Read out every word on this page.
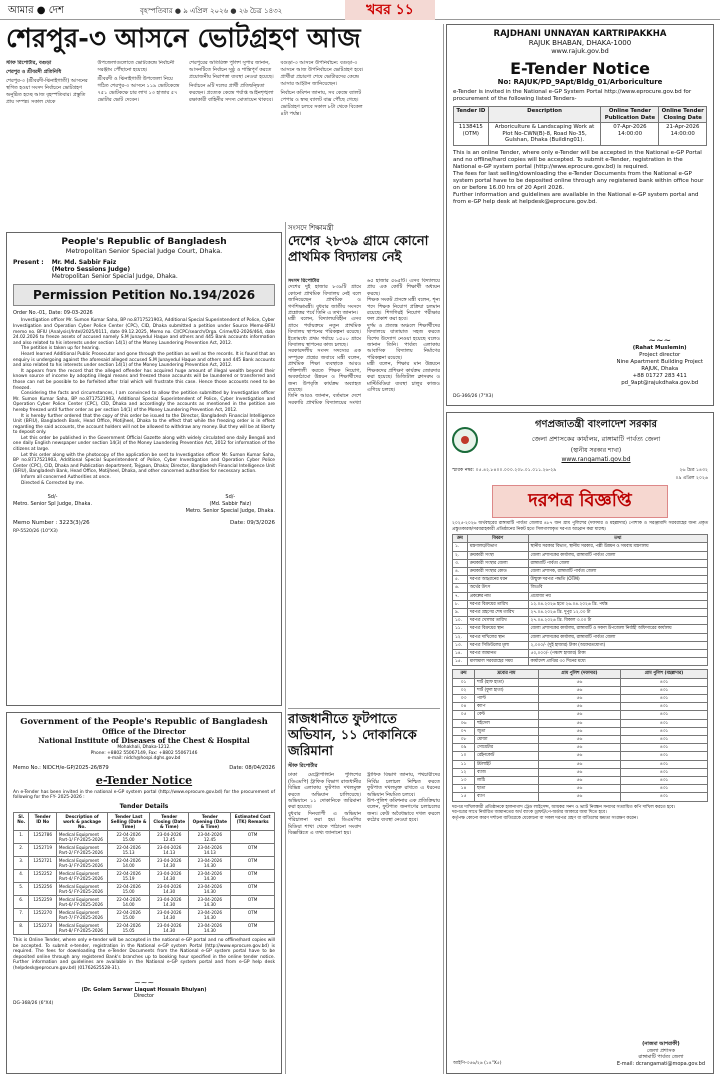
আমার ● দেশ	বৃহস্পতিবার ● ৯ এপ্রিল ২০২৬ ● ২৬ চৈত্র ১৪৩২	খবর ১১
শেরপুর-৩ আসনে ভোটগ্রহণ আজ

স্টাফ রিপোর্টার, বগুড়া

শেরপুর ও শ্রীবরদী প্রতিনিধি

শেরপুর-৩ (শ্রীবরদী-ঝিনাইগাতী) আসনের স্থগিত হওয়া সংসদ নির্বাচনে ভোটগ্রহণ অনুষ্ঠিত হচ্ছে আজ বৃহস্পতিবার। প্রস্তুতি প্রায় সম্পন্ন। সকাল থেকে উপজেলাগুলোতে ভোটকেন্দ্রে নির্বাচনী সরঞ্জাম পৌঁছানো হয়েছে।

শ্রীবরদী ও ঝিনাইগাতী উপজেলা নিয়ে গঠিত শেরপুর-৩ আসনে ১১৯ ভোটকেন্দ্রে ৭৫১ ভোটকক্ষে চার লাখ ১৩ হাজার ৫৭ ভোটার ভোট দেবেন।

শেরপুরের অতিরিক্ত পুলিশ সুপার জানান, আসনটিতে নির্বাচন সুষ্ঠু ও শান্তিপূর্ণ করতে প্রয়োজনীয় নিরাপত্তা ব্যবস্থা নেওয়া হয়েছে।

নির্বাচনে ৬টি দলের প্রার্থী প্রতিদ্বন্দ্বিতা করছেন। প্রত্যেক কেন্দ্রে পর্যাপ্ত আইনশৃঙ্খলা রক্ষাকারী বাহিনীর সদস্য মোতায়েন থাকবে।

বগুড়া-৩ আসনে উপনির্বাচন: বগুড়া-৩ আসনে আজ উপনির্বাচনে ভোটগ্রহণ হবে। প্রার্থীরা প্রচারণা শেষে ভোটারদের কেন্দ্রে আসার আহ্বান জানিয়েছেন।

নির্বাচন কমিশন জানায়, সব কেন্দ্রে ব্যালট পেপার ও স্বচ্ছ ব্যালট বাক্স পৌঁছে গেছে। ভোটগ্রহণ চলবে সকাল ৮টা থেকে বিকেল ৪টা পর্যন্ত।

People's Republic of Bangladesh
Metropolitan Senior Special Judge Court, Dhaka.
Present : Mr. Md. Sabbir Faiz
(Metro Sessions Judge)
Metropolitan Senior Special Judge, Dhaka.
Permission Petition No.194/2026
Order No.-01, Date: 09-03-2026

Investigation officer Mr. Sumon Kumar Saha, BP no.8717521903, Additional Special Superintendent of Police, Cyber Investigation and Operation Cyber Police Center (CPC), CID, Dhaka submitted a petition under Source Memo-BFIU memo no. BFIU (Analysis)/Intel/2025/0111, date 09.12.2025, Memo no. CI/CPC/search/Orga. Crime/02-2026/464, date 24.02.2026 to freeze assets of accused namely S.M Junayedul Haque and others and 445 Bank accounts information and also related to his interests under section 14(1) of the Money Laundering Prevention Act, 2012.

The petition is taken up for hearing.

Heard learned Additional Public Prosecutor and gone through the petition as well as the records. It is found that an enquiry is undergoing against the aforesaid alleged accused S.M Junayedul Haque and others and 445 Bank accounts and also related to his interests under section 14(1) of the Money Laundering Prevention Act, 2012.

It appears from the record that the alleged offender has acquired huge amount of illegal wealth beyond their known source of income by adopting illegal means and freezed those accounts will be laundered or transferred and those can not be possible to be forfeited after trial which will frustrate this case. Hence those accounts need to be freezed.

Considering the facts and circumstances, I am convinced to allow the petition submitted by Investigation officer Mr. Sumon Kumar Saha, BP no.8717521903, Additional Special Superintendent of Police, Cyber Investigation and Operation Cyber Police Center (CPC), CID, Dhaka and accordingly the accounts as mentioned in the petition are hereby freezed until further order as per section 14(1) of the Money Laundering Prevention Act, 2012.

It is hereby further ordered that the copy of this order be issued to the Director, Bangladesh Financial Intelligence Unit (BFIU), Bangladesh Bank, Head Office, Motijheel, Dhaka to the effect that while the freezing order is in effect regarding the said accounts, the account holders will not be allowed to withdraw any money. But they will be at liberty to deposit only.

Let this order be published in the Government Official Gazette along with widely circulated one daily Bengali and one daily English newspaper under section 14(3) of the Money Laundering Prevention Act, 2012 for information of the citizens at large.

Let this order along with the photocopy of the application be sent to Investigation officer Mr. Sumon Kumar Saha, BP no.8717521903, Additional Special Superintendent of Police, Cyber Investigation and Operation Cyber Police Center (CPC), CID, Dhaka and Publication department, Tejgaon, Dhaka; Director, Bangladesh Financial Intelligence Unit (BFIU), Bangladesh Bank, Head Office, Motijheel, Dhaka, and other concerned authorities for necessary action.

Inform all concerned Authorities at once.

Directed & Corrected by me.

Sd/-
Metro. Senior Spl Judge, Dhaka.
Sd/-
(Md. Sabbir Faiz)
Metro. Senior Special Judge, Dhaka.
Memo Number : 3223(3)/26	Date: 09/3/2026
RP-5520/26 (10"X3)
সংসদে শিক্ষামন্ত্রী
দেশের ২৮৩৯ গ্রামে কোনো প্রাথমিক বিদ্যালয় নেই

সংসদ রিপোর্টার

দেশের দুই হাজার ৮৩৯টি গ্রামে কোনো প্রাথমিক বিদ্যালয় নেই বলে জানিয়েছেন প্রাথমিক ও গণশিক্ষামন্ত্রী। বুধবার জাতীয় সংসদে প্রশ্নোত্তর পর্বে তিনি এ তথ্য জানান।

মন্ত্রী বলেন, বিদ্যালয়বিহীন এসব গ্রামে পর্যায়ক্রমে নতুন প্রাথমিক বিদ্যালয় স্থাপনের পরিকল্পনা রয়েছে। ইতোমধ্যে প্রথম পর্যায়ে ১৫০০ গ্রামে বিদ্যালয় স্থাপনের কাজ চলছে।

সরকারদলীয় সংসদ সদস্যের এক সম্পূরক প্রশ্নের জবাবে মন্ত্রী বলেন, প্রাথমিক শিক্ষা ব্যবস্থাকে আরও শক্তিশালী করতে শিক্ষক নিয়োগ, অবকাঠামো উন্নয়ন ও শিক্ষার্থীদের জন্য উপবৃত্তি কার্যক্রম অব্যাহত রয়েছে।

তিনি আরও জানান, বর্তমানে দেশে সরকারি প্রাথমিক বিদ্যালয়ের সংখ্যা ৬৫ হাজার ৫৬৫টি। এসব বিদ্যালয়ে প্রায় এক কোটি শিক্ষার্থী অধ্যয়ন করছে।

শিক্ষক সংকট প্রসঙ্গে মন্ত্রী বলেন, শূন্য পদে শিক্ষক নিয়োগ প্রক্রিয়া চলমান রয়েছে। শিগগিরই নিয়োগ পরীক্ষার ফল প্রকাশ করা হবে।

দুর্গম ও প্রত্যন্ত অঞ্চলে শিক্ষার্থীদের বিদ্যালয়ে যাতায়াত সহজ করতে বিশেষ উদ্যোগ নেওয়া হয়েছে বলেও জানান তিনি। পার্বত্য এলাকায় আবাসিক বিদ্যালয় নির্মাণের পরিকল্পনা রয়েছে।

মন্ত্রী বলেন, শিক্ষার মান উন্নয়নে শিক্ষকদের প্রশিক্ষণ কার্যক্রম জোরদার করা হয়েছে। ডিজিটাল ক্লাসরুম ও মাল্টিমিডিয়া ব্যবস্থা চালুর কাজও এগিয়ে চলছে।

Government of the People's Republic of Bangladesh
Office of the Director
National Institute of Diseases of the Chest & Hospital
Mohakhali, Dhaka-1212.
Phone: +8802 55067149, Fax: +8802 55067146
e-mail: nidch@hospi.dghs.gov.bd
Memo No.: NIDCH/e-GP/2025-26/879	Date: 08/04/2026
e-Tender Notice
An e-Tender has been invited in the national e-GP system portal (http://www.eprocure.gov.bd) for the procurement of following for the FY- 2025-2026 :
Tender Details
Sl. No.	Tender ID No	Description of work & package No.	Tender Last Selling (Date & Time)	Tender Closing (Date & Time)	Tender Opening (Date & Time)	Estimated Cost (TK) Remarks
1.	1252786	Medical Equipment Part-1/ FY-2025-2026	22-04-2026 15.00	23-04-2026 12.45	23-04-2026 12.45	OTM
2.	1252719	Medical Equipment Part-2/ FY-2025-2026	22-04-2026 15.13	23-04-2026 14.13	23-04-2026 14.13	OTM
3.	1252721	Medical Equipment Part-3/ FY-2025-2026	22-04-2026 14.00	23-04-2026 14.30	23-04-2026 14.30	OTM
4.	1252252	Medical Equipment Part-4/ FY-2025-2026	22-04-2026 15.19	23-04-2026 14.30	23-04-2026 14.30	OTM
5.	1252256	Medical Equipment Part-5/ FY-2025-2026	22-04-2026 15.00	23-04-2026 14.30	23-04-2026 14.30	OTM
6.	1252259	Medical Equipment Part-6/ FY-2025-2026	22-04-2026 14.00	23-04-2026 14.30	23-04-2026 14.30	OTM
7.	1252270	Medical Equipment Part-7/ FY-2025-2026	22-04-2026 15.00	23-04-2026 14.30	23-04-2026 14.30	OTM
8.	1252273	Medical Equipment Part-8/ FY-2025-2026	22-04-2026 15.05	23-04-2026 14.30	23-04-2026 14.30	OTM
This is Online Tender, where only e-tender will be accepted in the national e-GP portal and no offline/hard copies will be accepted. To submit e-tender, registration in the National e-GP system Portal (http://www.eprocure.gov.bd) is required. The fees for downloading the e-Tender Documents from the National e-GP system portal have to be deposited online through any registered Bank's branches up to booking hour specified in the online tender notice. Further information and guidelines are available in the National e-GP system portal and from e-GP help desk (helpdesk@eprocure.gov.bd) (01762625528-31).
~~~
(Dr. Golam Sarwar Liaquat Hossain Bhuiyan)
Director
DG-368/26 (6"X4)
রাজধানীতে ফুটপাতে অভিযান, ১১ দোকানিকে জরিমানা
স্টাফ রিপোর্টার

ঢাকা মেট্রোপলিটন পুলিশের (ডিএমপি) ট্রাফিক বিভাগ রাজধানীর বিভিন্ন এলাকায় ফুটপাত দখলমুক্ত করতে অভিযান চালিয়েছে। অভিযানে ১১ দোকানিকে জরিমানা করা হয়েছে।

বুধবার দিনব্যাপী এ অভিযান পরিচালনা করা হয়। ডিএমপির মিডিয়া শাখা থেকে পাঠানো সংবাদ বিজ্ঞপ্তিতে এ তথ্য জানানো হয়।

ট্রাফিক বিভাগ জানায়, পথচারীদের নির্বিঘ্ন চলাচল নিশ্চিত করতে ফুটপাত দখলমুক্ত রাখতে এ ধরনের অভিযান নিয়মিত চলবে।

উপ-পুলিশ কমিশনার এক প্রতিক্রিয়ায় বলেন, ফুটপাত জনগণের চলাচলের জন্য। কেউ অবৈধভাবে দখল করলে কঠোর ব্যবস্থা নেওয়া হবে।

RAJDHANI UNNAYAN KARTRIPAKKHA
RAJUK BHABAN, DHAKA-1000
www.rajuk.gov.bd
E-Tender Notice
No: RAJUK/PD_9Apt/Bldg_01/Arboriculture
e-Tender is invited in the National e-GP System Portal http://www.eprocure.gov.bd for procurement of the following listed Tenders-
Tender ID	Description	Online Tender Publication Date	Online Tender Closing Date
1138415 (OTM)	Arboriculture & Landscaping Work at Plot No-CWN(B)-8, Road No-35, Gulshan, Dhaka (Building01).	07-Apr-2026 14:00:00	21-Apr-2026 14:00:00

This is an online Tender, where only e-Tender will be accepted in the National e-GP Portal and no offline/hard copies will be accepted. To submit e-Tender, registration in the National e-GP system portal (http://www.eprocure.gov.bd) is required.

The fees for last selling/downloading the e-Tender Documents from the National e-GP system portal have to be deposited online through any registered bank within office hour on or before 16.00 hrs of 20 April 2026.

Further information and guidelines are available in the National e-GP system portal and from e-GP help desk at helpdesk@eprocure.gov.bd.

~~~
(Rahat Muslemin)
Project director
Nine Apartment Building Project
RAJUK, Dhaka
+88 01727 283 411
pd_9apt@rajukdhaka.gov.bd
DG-366/26 (7"X3)
গণপ্রজাতন্ত্রী বাংলাদেশ সরকার
জেলা প্রশাসকের কার্যালয়, রাঙ্গামাটি পার্বত্য জেলা
(স্থানীয় সরকার শাখা)
www.rangamati.gov.bd
স্মারক নম্বর: ০৫.৪২.৮৪০০.০০০.২০৮.০১.০১১.২৬-২৯	২৬ চৈত্র ১৪৩২
০৯ এপ্রিল ২০২৬
দরপত্র বিজ্ঞপ্তি
২০২৫-২০২৬ অর্থবছরের রাঙ্গামাটি পার্বত্য জেলার ৪৮৭ জন গ্রাম পুলিশের (দফাদার ও মহল্লাদার) পোশাক ও সরঞ্জামাদি সরবরাহের জন্য প্রকৃত প্রস্তুতকারক/সরবরাহকারী প্রতিষ্ঠানের নিকট হতে সিলগালাকৃত দরপত্র আহ্বান করা যাচ্ছে।
ক্রম	বিবরণ	তথ্য
১.	মন্ত্রণালয়/বিভাগ	স্থানীয় সরকার বিভাগ, স্থানীয় সরকার, পল্লী উন্নয়ন ও সমবায় মন্ত্রণালয়
২.	ক্রয়কারী সংস্থা	জেলা প্রশাসকের কার্যালয়, রাঙ্গামাটি পার্বত্য জেলা
৩.	ক্রয়কারী সংস্থার জেলা	রাঙ্গামাটি পার্বত্য জেলা
৪.	ক্রয়কারী সংস্থার কোড	জেলা প্রশাসক, রাঙ্গামাটি পার্বত্য জেলা
৫.	দরপত্র আহ্বানের ধরন	উন্মুক্ত দরপত্র পদ্ধতি (OTM)
৬.	অর্থের উৎস	জিওবি
৭.	প্রকল্পের নাম	প্রযোজ্য নয়
৮.	দরপত্র বিক্রয়ের তারিখ	১২.০৪.২০২৬ হতে ২৬.০৪.২০২৬ খ্রি. পর্যন্ত
৯.	দরপত্র গ্রহণের শেষ তারিখ	২৭.০৪.২০২৬ খ্রি. দুপুর ১২.০০ টা
১০.	দরপত্র খোলার তারিখ	২৭.০৪.২০২৬ খ্রি. বিকাল ৩.০০ টা
১১.	দরপত্র বিক্রয়ের স্থান	জেলা প্রশাসকের কার্যালয়, রাঙ্গামাটি ও সকল উপজেলা নির্বাহী অফিসারের কার্যালয়
১২.	দরপত্র দাখিলের স্থান	জেলা প্রশাসকের কার্যালয়, রাঙ্গামাটি পার্বত্য জেলা
১৩.	দরপত্র সিডিউলের মূল্য	২,০০০/- (দুই হাজার) টাকা (অফেরতযোগ্য)
১৪.	দরপত্র জামানত	৫০,০০০/- (পঞ্চাশ হাজার) টাকা
১৫.	মালামাল সরবরাহের সময়	কার্যাদেশ প্রাপ্তির ৩০ দিনের মধ্যে
ক্রম	দ্রব্যের নাম	গ্রাম পুলিশ (দফাদার)	গ্রাম পুলিশ (মহল্লাদার)
০১	শার্ট (হাফ হাতা)	৫৬	৪৩১
০২	শার্ট (ফুল হাতা)	৫৬	৪৩১
০৩	প্যান্ট	৫৬	৪৩১
০৪	ক্যাপ	৫৬	৪৩১
০৫	বেল্ট	৫৬	৪৩১
০৬	হুইসেল	৫৬	৪৩১
০৭	জুতা	৫৬	৪৩১
০৮	মোজা	৫৬	৪৩১
০৯	সোয়েটার	৫৬	৪৩১
১০	রেইনকোট	৫৬	৪৩১
১১	টর্চলাইট	৫৬	৪৩১
১২	ব্যাজ	৫৬	৪৩১
১৩	লাঠি	৫৬	৪৩১
১৪	ছাতা	৫৬	৪৩১
১৫	ব্যাগ	৫৬	৪৩১

দরপত্র দাখিলকারী প্রতিষ্ঠানকে হালনাগাদ ট্রেড লাইসেন্স, আয়কর সনদ ও ভ্যাট নিবন্ধন সনদের সত্যায়িত কপি দাখিল করতে হবে।

দরপত্রের সাথে নির্ধারিত জামানতের অর্থ ব্যাংক ড্রাফট/পে-অর্ডার আকারে জমা দিতে হবে।

কর্তৃপক্ষ কোনো কারণ দর্শানো ব্যতিরেকে যেকোনো বা সকল দরপত্র গ্রহণ বা বাতিলের ক্ষমতা সংরক্ষণ করেন।

(নাজমা আশরাফী)
জেলা প্রশাসক
রাঙ্গামাটি পার্বত্য জেলা
E-mail: dcrangamati@mopa.gov.bd
আইপি-৩৫৬/২৬ (১৪"X৫)
